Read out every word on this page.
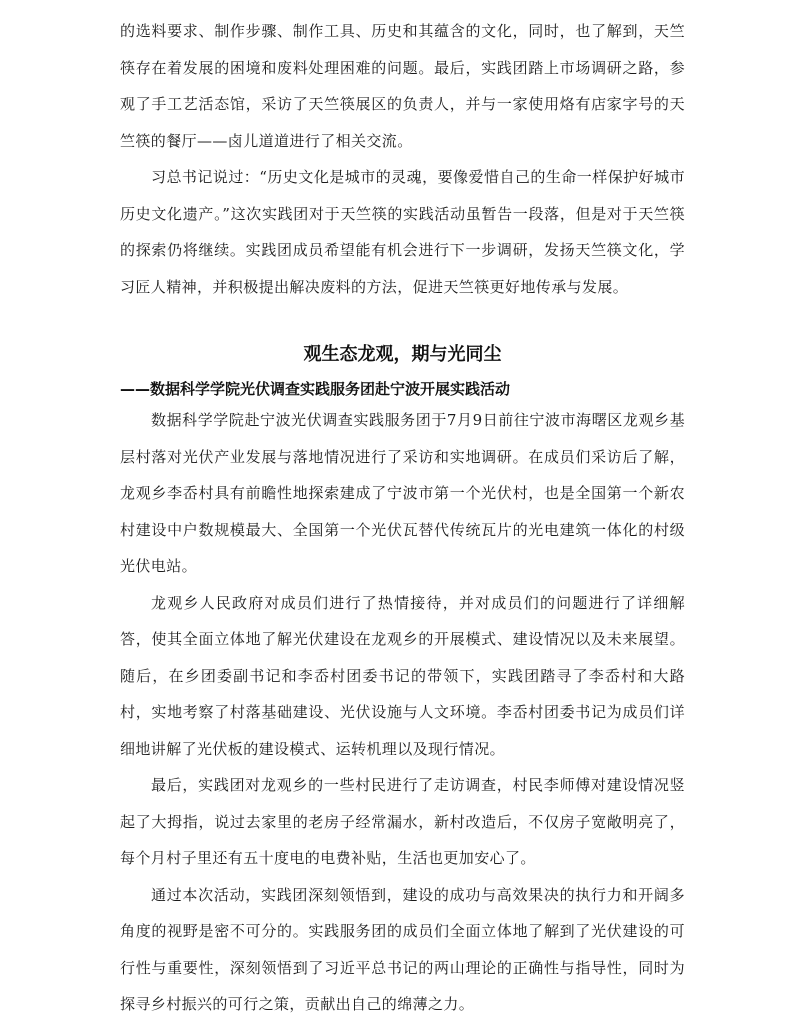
的选料要求、制作步骤、制作工具、历史和其蕴含的文化，同时，也了解到，天竺筷存在着发展的困境和废料处理困难的问题。最后，实践团踏上市场调研之路，参观了手工艺活态馆，采访了天竺筷展区的负责人，并与一家使用烙有店家字号的天竺筷的餐厅——卤儿道道进行了相关交流。

习总书记说过：“历史文化是城市的灵魂，要像爱惜自己的生命一样保护好城市历史文化遗产。”这次实践团对于天竺筷的实践活动虽暂告一段落，但是对于天竺筷的探索仍将继续。实践团成员希望能有机会进行下一步调研，发扬天竺筷文化，学习匠人精神，并积极提出解决废料的方法，促进天竺筷更好地传承与发展。

观生态龙观，期与光同尘
——数据科学学院光伏调查实践服务团赴宁波开展实践活动

数据科学学院赴宁波光伏调查实践服务团于7月9日前往宁波市海曙区龙观乡基层村落对光伏产业发展与落地情况进行了采访和实地调研。在成员们采访后了解，龙观乡李岙村具有前瞻性地探索建成了宁波市第一个光伏村，也是全国第一个新农村建设中户数规模最大、全国第一个光伏瓦替代传统瓦片的光电建筑一体化的村级光伏电站。

龙观乡人民政府对成员们进行了热情接待，并对成员们的问题进行了详细解答，使其全面立体地了解光伏建设在龙观乡的开展模式、建设情况以及未来展望。随后，在乡团委副书记和李岙村团委书记的带领下，实践团踏寻了李岙村和大路村，实地考察了村落基础建设、光伏设施与人文环境。李岙村团委书记为成员们详细地讲解了光伏板的建设模式、运转机理以及现行情况。

最后，实践团对龙观乡的一些村民进行了走访调查，村民李师傅对建设情况竖起了大拇指，说过去家里的老房子经常漏水，新村改造后，不仅房子宽敞明亮了，每个月村子里还有五十度电的电费补贴，生活也更加安心了。

通过本次活动，实践团深刻领悟到，建设的成功与高效果决的执行力和开阔多角度的视野是密不可分的。实践服务团的成员们全面立体地了解到了光伏建设的可行性与重要性，深刻领悟到了习近平总书记的两山理论的正确性与指导性，同时为探寻乡村振兴的可行之策，贡献出自己的绵薄之力。
